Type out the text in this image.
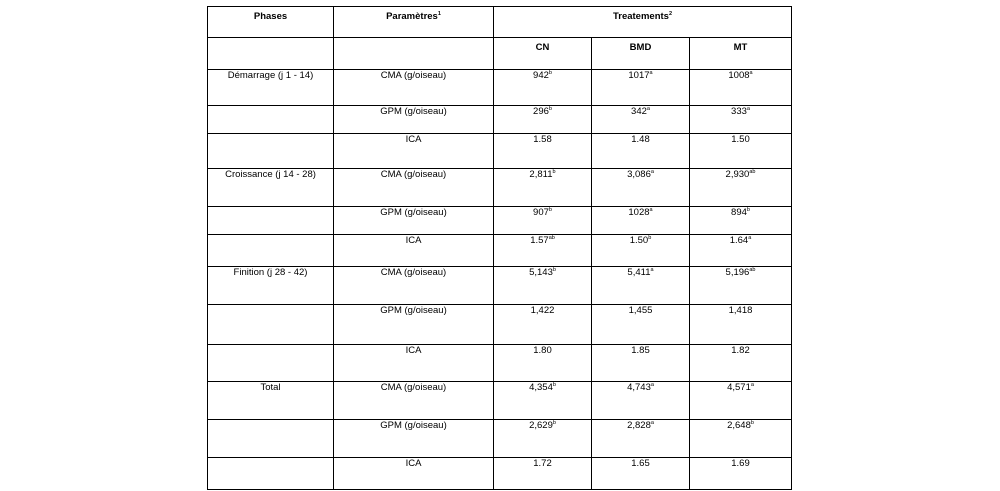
Phases	Paramètres$^1$	Treatements$^2$
		CN	BMD	MT
Démarrage (j 1 - 14)	CMA (g/oiseau)	942$^b$	1017$^a$	1008$^a$
	GPM (g/oiseau)	296$^b$	342$^a$	333$^a$
	ICA	1.58	1.48	1.50
Croissance (j 14 - 28)	CMA (g/oiseau)	2,811$^b$	3,086$^a$	2,930$^{ab}$
	GPM (g/oiseau)	907$^b$	1028$^a$	894$^b$
	ICA	1.57$^{ab}$	1.50$^b$	1.64$^a$
Finition (j 28 - 42)	CMA (g/oiseau)	5,143$^b$	5,411$^a$	5,196$^{ab}$
	GPM (g/oiseau)	1,422	1,455	1,418
	ICA	1.80	1.85	1.82
Total	CMA (g/oiseau)	4,354$^b$	4,743$^a$	4,571$^a$
	GPM (g/oiseau)	2,629$^b$	2,828$^a$	2,648$^b$
	ICA	1.72	1.65	1.69
